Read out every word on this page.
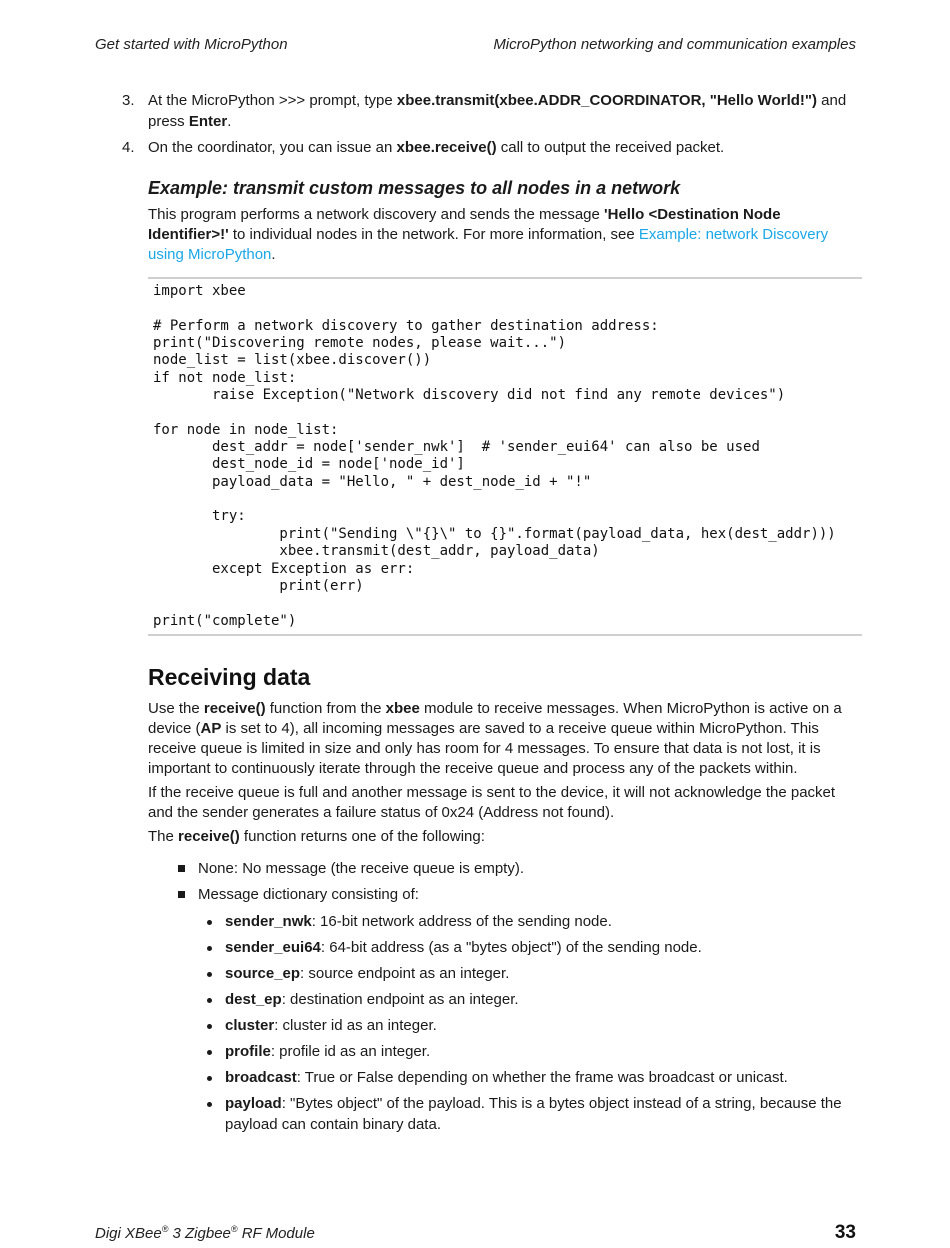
Get started with MicroPython	MicroPython networking and communication examples
3. At the MicroPython >>> prompt, type xbee.transmit(xbee.ADDR_COORDINATOR, "Hello World!") and press Enter.
4. On the coordinator, you can issue an xbee.receive() call to output the received packet.
Example: transmit custom messages to all nodes in a network

This program performs a network discovery and sends the message 'Hello <Destination Node Identifier>!' to individual nodes in the network. For more information, see Example: network Discovery using MicroPython.

import xbee

# Perform a network discovery to gather destination address:
print("Discovering remote nodes, please wait...")
node_list = list(xbee.discover())
if not node_list:
raise Exception("Network discovery did not find any remote devices")

for node in node_list:
dest_addr = node['sender_nwk']  # 'sender_eui64' can also be used
dest_node_id = node['node_id']
payload_data = "Hello, " + dest_node_id + "!"

try:
print("Sending \"{}\" to {}".format(payload_data, hex(dest_addr)))
xbee.transmit(dest_addr, payload_data)
except Exception as err:
print(err)

print("complete")
Receiving data

Use the receive() function from the xbee module to receive messages. When MicroPython is active on a device (AP is set to 4), all incoming messages are saved to a receive queue within MicroPython. This receive queue is limited in size and only has room for 4 messages. To ensure that data is not lost, it is important to continuously iterate through the receive queue and process any of the packets within.

If the receive queue is full and another message is sent to the device, it will not acknowledge the packet and the sender generates a failure status of 0x24 (Address not found).

The receive() function returns one of the following:

None: No message (the receive queue is empty).
Message dictionary consisting of:
sender_nwk: 16-bit network address of the sending node.
sender_eui64: 64-bit address (as a "bytes object") of the sending node.
source_ep: source endpoint as an integer.
dest_ep: destination endpoint as an integer.
cluster: cluster id as an integer.
profile: profile id as an integer.
broadcast: True or False depending on whether the frame was broadcast or unicast.
payload: "Bytes object" of the payload. This is a bytes object instead of a string, because the payload can contain binary data.
Digi XBee® 3 Zigbee® RF Module	33
